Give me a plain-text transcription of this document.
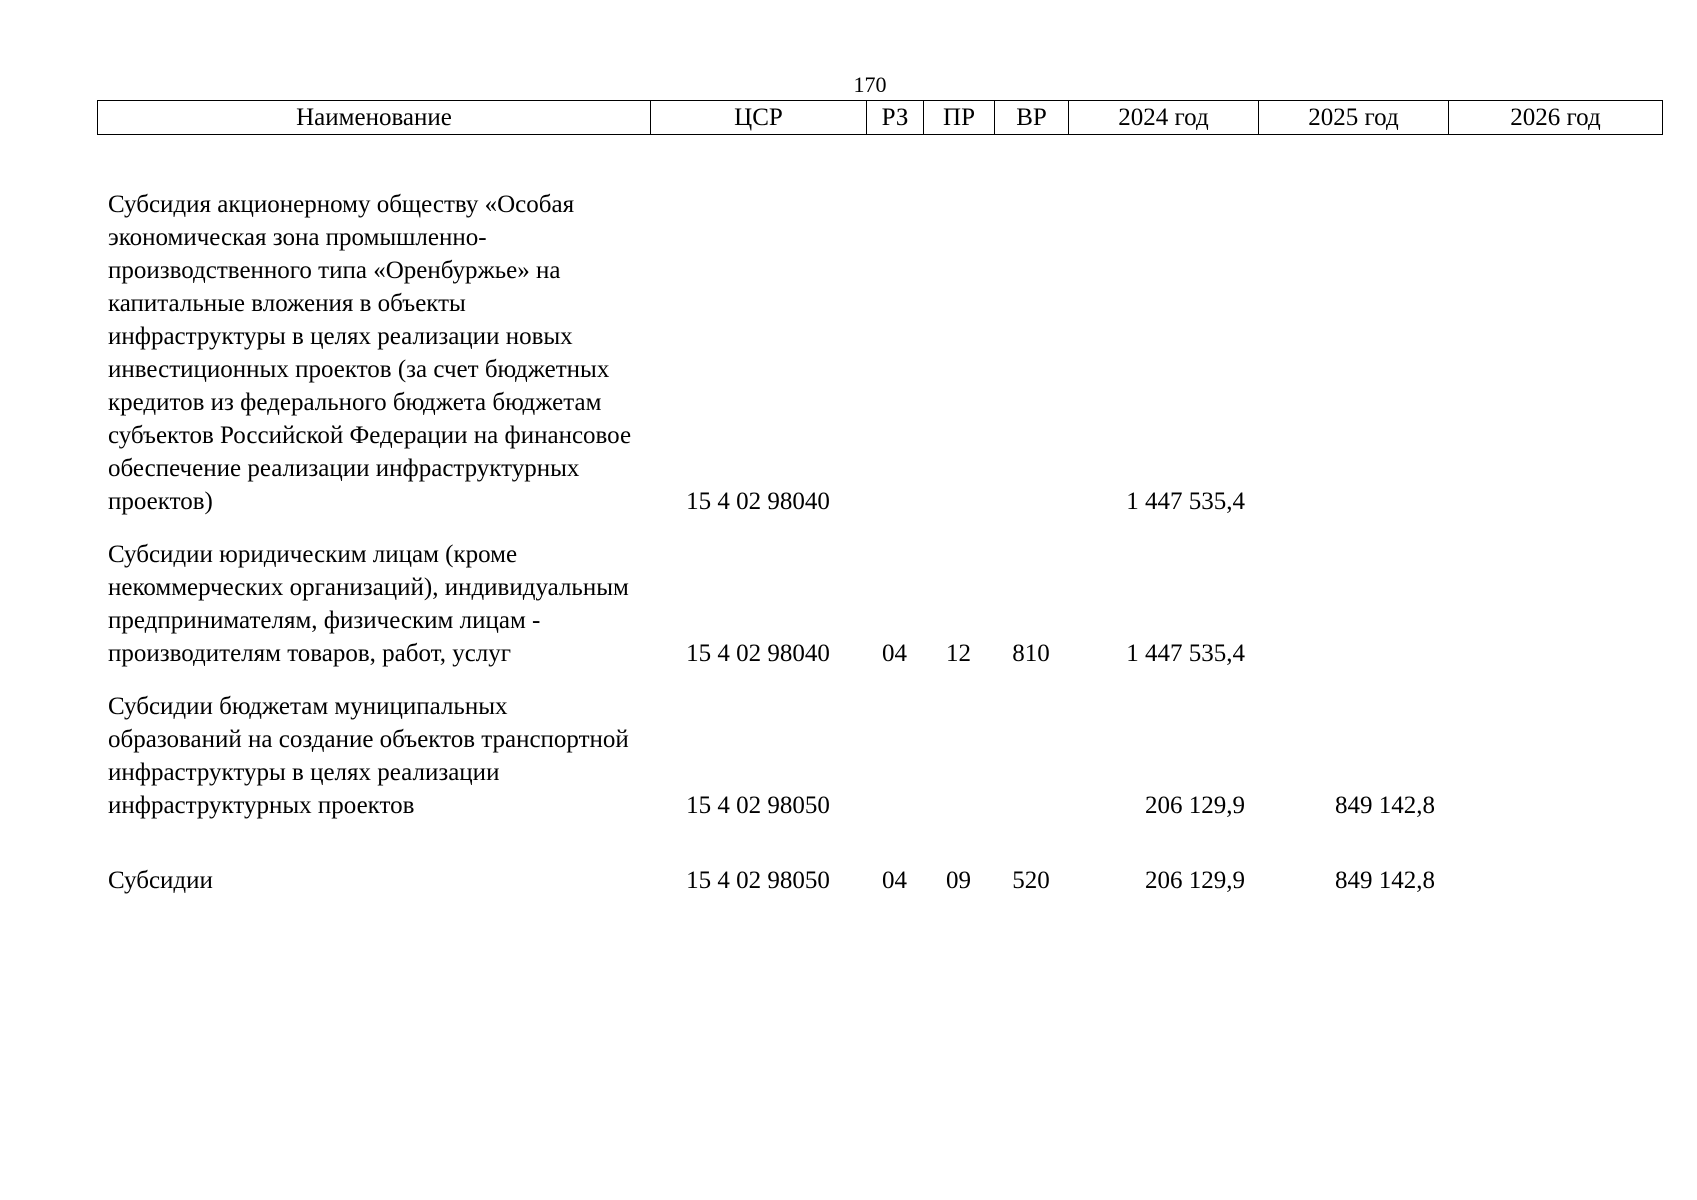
170
Наименование	ЦСР	РЗ	ПР	ВР	2024 год	2025 год	2026 год
Субсидия акционерному обществу «Особая экономическая зона промышленно-производственного типа «Оренбуржье» на капитальные вложения в объекты инфраструктуры в целях реализации новых инвестиционных проектов (за счет бюджетных кредитов из федерального бюджета бюджетам субъектов Российской Федерации на финансовое обеспечение реализации инфраструктурных проектов)	15 4 02 98040				1 447 535,4		

Субсидии юридическим лицам (кроме некоммерческих организаций), индивидуальным предпринимателям, физическим лицам - производителям товаров, работ, услуг	15 4 02 98040	04	12	810	1 447 535,4		

Субсидии бюджетам муниципальных образований на создание объектов транспортной инфраструктуры в целях реализации инфраструктурных проектов	15 4 02 98050				206 129,9	849 142,8	

Субсидии	15 4 02 98050	04	09	520	206 129,9	849 142,8	
